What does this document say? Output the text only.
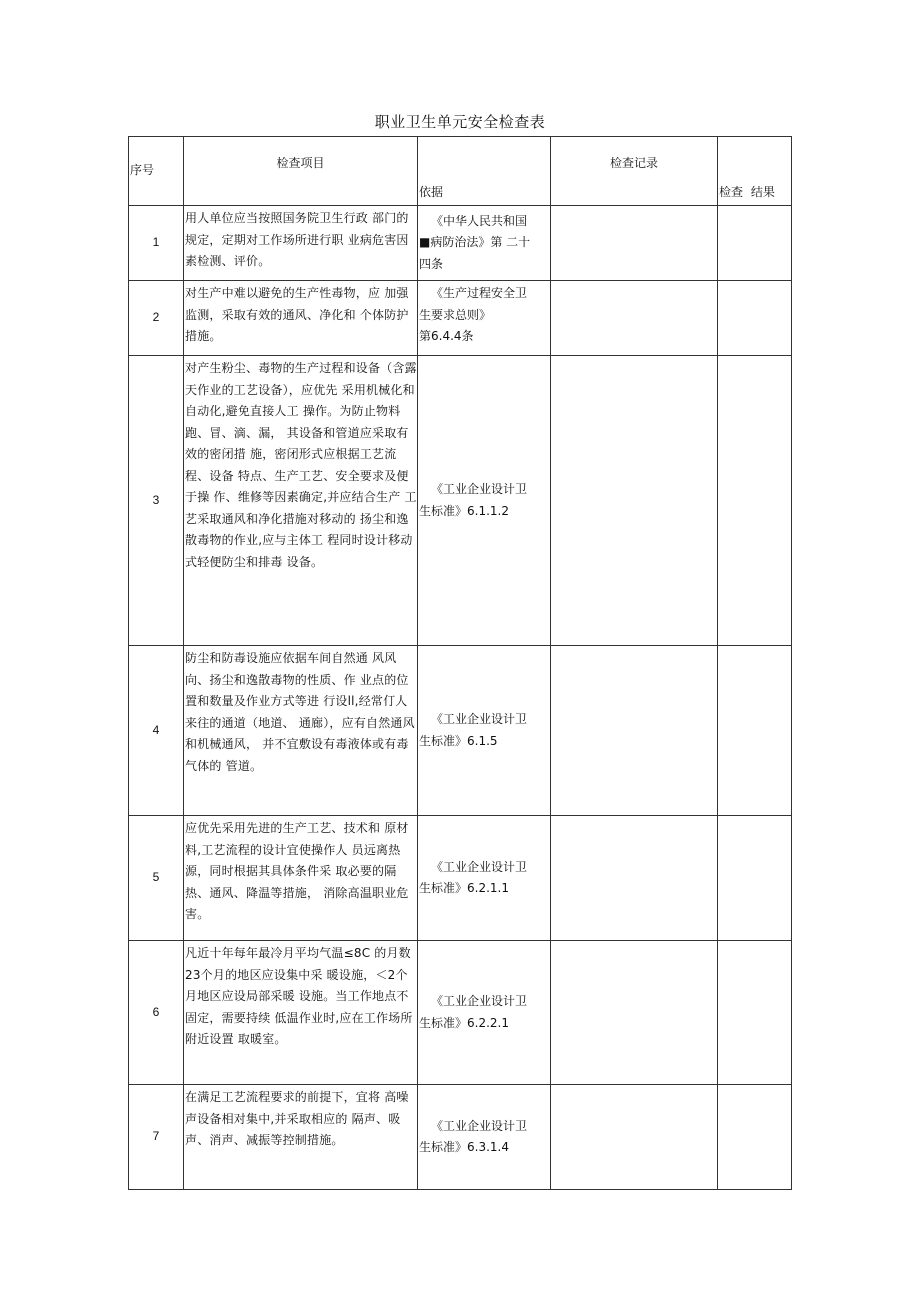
职业卫生单元安全检查表
序号	检查项目	依据	检查记录	检查 结果
1	用人单位应当按照国务院卫生行政 部门的规定，定期对工作场所进行职 业病危害因素检测、评价。	《中华人民共和国
■病防治法》第 二十
四条		

2	对生产中难以避免的生产性毒物，应 加强监测，采取有效的通风、净化和 个体防护措施。	《生产过程安全卫
生要求总则》
第6.4.4条		

3	对产生粉尘、毒物的生产过程和设备（含露天作业的工艺设备），应优先 采用机械化和自动化,避免直接人工 操作。为防止物料跑、冒、滴、漏， 其设备和管道应采取有效的密闭措 施，密闭形式应根据工艺流程、设备 特点、生产工艺、安全要求及便于操 作、维修等因素确定,并应结合生产 工艺采取通风和净化措施对移动的 扬尘和逸散毒物的作业,应与主体工 程同时设计移动式轻便防尘和排毒 设备。	《工业企业设计卫
生标准》6.1.1.2		

4	防尘和防毒设施应依据车间自然通 风风向、扬尘和逸散毒物的性质、作 业点的位置和数量及作业方式等进 行设ll,经常仃人来往的通道（地道、 通廊），应有自然通风和机械通风， 并不宜敷设有毒液体或有毒气体的 管道。	《工业企业设计卫
生标准》6.1.5		

5	应优先采用先进的生产工艺、技术和 原材料,工艺流程的设计宜使操作人 员远离热源，同时根据其具体条件采 取必要的隔热、通风、降温等措施， 消除高温职业危害。	《工业企业设计卫
生标准》6.2.1.1		

6	凡近十年每年最冷月平均气温≤8C 的月数23个月的地区应设集中采 暖设施，＜2个月地区应设局部采暖 设施。当工作地点不固定，需要持续 低温作业时,应在工作场所附近设置 取暖室。	《工业企业设计卫
生标准》6.2.2.1		

7	在满足工艺流程要求的前提下，宜将 高噪声设备相对集中,并采取相应的 隔声、吸声、消声、减振等控制措施。	《工业企业设计卫
生标准》6.3.1.4		
